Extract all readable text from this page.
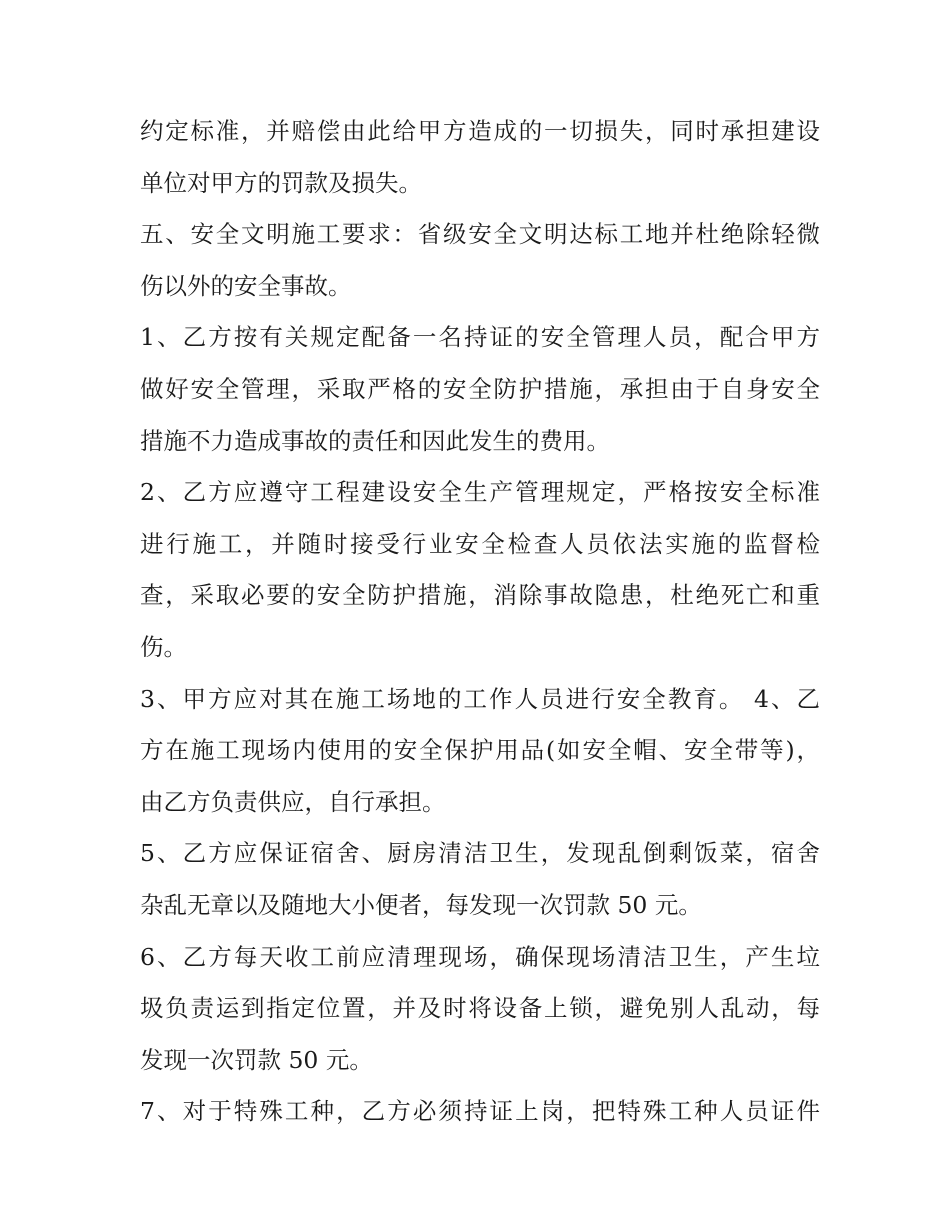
约定标准，并赔偿由此给甲方造成的一切损失，同时承担建设
单位对甲方的罚款及损失。
五、安全文明施工要求：省级安全文明达标工地并杜绝除轻微
伤以外的安全事故。
1、乙方按有关规定配备一名持证的安全管理人员，配合甲方
做好安全管理，采取严格的安全防护措施，承担由于自身安全
措施不力造成事故的责任和因此发生的费用。
2、乙方应遵守工程建设安全生产管理规定，严格按安全标准
进行施工，并随时接受行业安全检查人员依法实施的监督检
查，采取必要的安全防护措施，消除事故隐患，杜绝死亡和重
伤。
3、甲方应对其在施工场地的工作人员进行安全教育。 4、乙
方在施工现场内使用的安全保护用品(如安全帽、安全带等)，
由乙方负责供应，自行承担。
5、乙方应保证宿舍、厨房清洁卫生，发现乱倒剩饭菜，宿舍
杂乱无章以及随地大小便者，每发现一次罚款 50 元。
6、乙方每天收工前应清理现场，确保现场清洁卫生，产生垃
圾负责运到指定位置，并及时将设备上锁，避免别人乱动，每
发现一次罚款 50 元。
7、对于特殊工种，乙方必须持证上岗，把特殊工种人员证件
